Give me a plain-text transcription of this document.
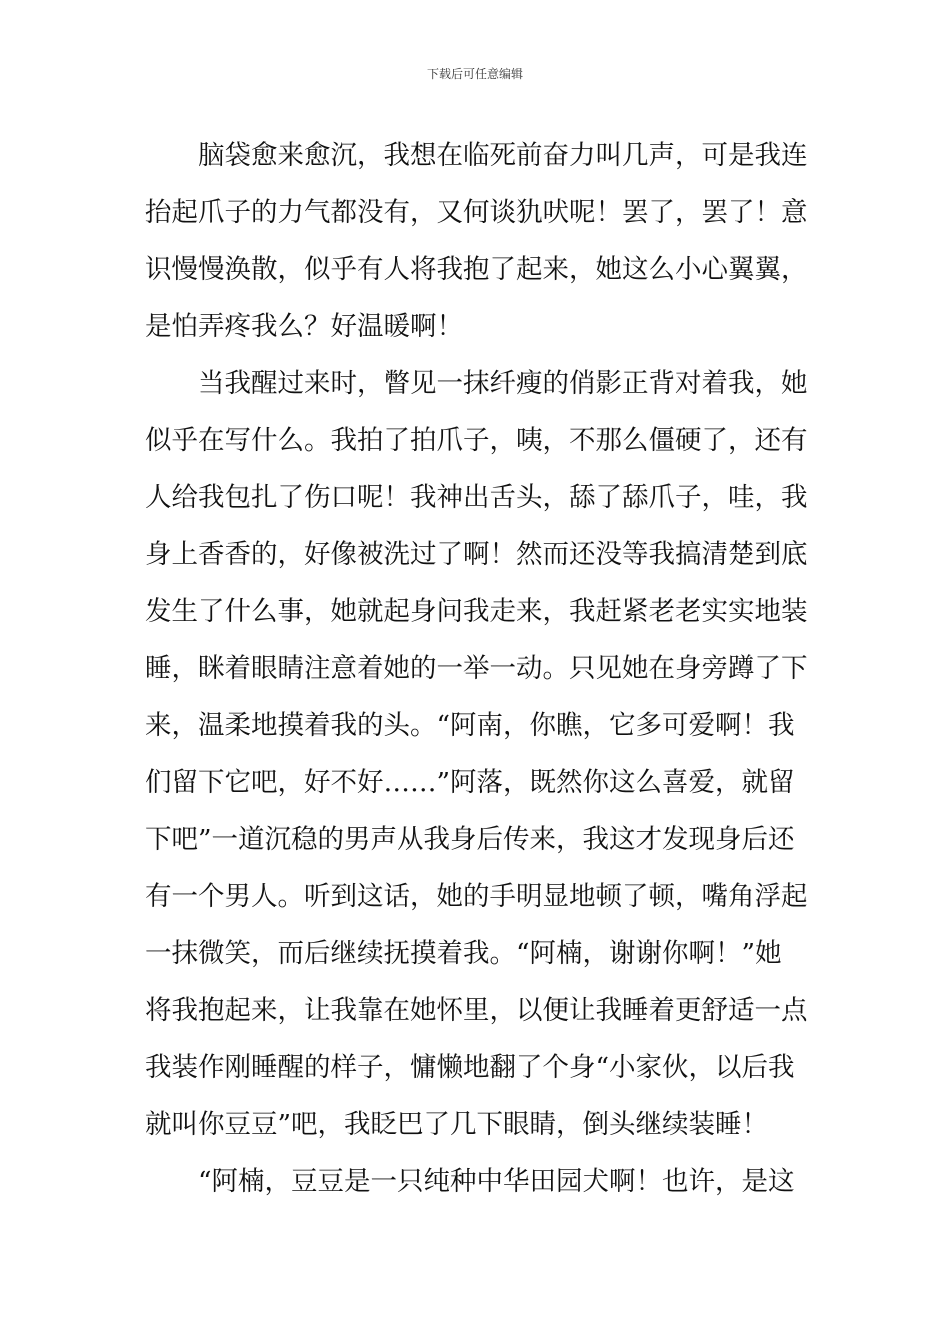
下载后可任意编辑
脑袋愈来愈沉，我想在临死前奋力叫几声，可是我连
抬起爪子的力气都没有，又何谈犰吠呢！罢了，罢了！意
识慢慢涣散，似乎有人将我抱了起来，她这么小心翼翼，
是怕弄疼我么？好温暖啊！
当我醒过来时，瞥见一抹纤瘦的俏影正背对着我，她
似乎在写什么。我拍了拍爪子，咦，不那么僵硬了，还有
人给我包扎了伤口呢！我神出舌头，舔了舔爪子，哇，我
身上香香的，好像被洗过了啊！然而还没等我搞清楚到底
发生了什么事，她就起身问我走来，我赶紧老老实实地装
睡，眯着眼睛注意着她的一举一动。只见她在身旁蹲了下
来，温柔地摸着我的头。“阿南，你瞧，它多可爱啊！我
们留下它吧，好不好……”阿落，既然你这么喜爱，就留
下吧”一道沉稳的男声从我身后传来，我这才发现身后还
有一个男人。听到这话，她的手明显地顿了顿，嘴角浮起
一抹微笑，而后继续抚摸着我。“阿楠，谢谢你啊！”她
将我抱起来，让我靠在她怀里，以便让我睡着更舒适一点
我装作刚睡醒的样子，慵懒地翻了个身“小家伙，以后我
就叫你豆豆”吧，我眨巴了几下眼睛，倒头继续装睡！
“阿楠，豆豆是一只纯种中华田园犬啊！也许，是这
